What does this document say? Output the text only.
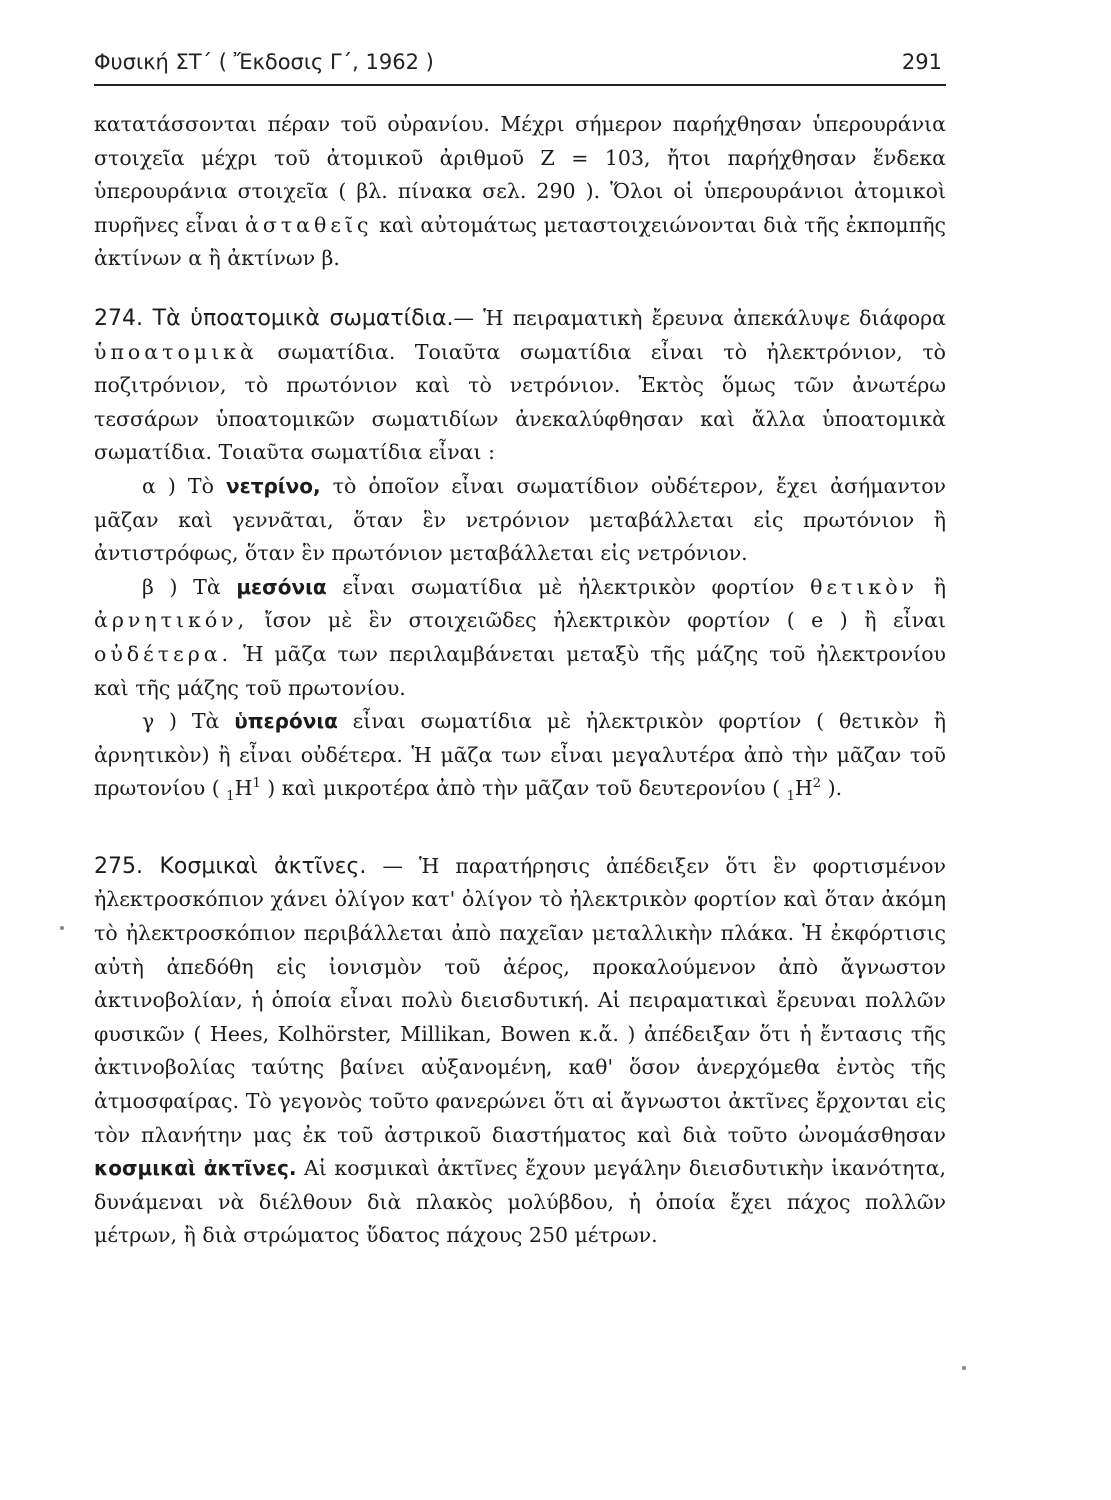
Φυσική ΣΤ΄ ( Ἔκδοσις Γ΄, 1962 )	291

κατατάσσονται πέραν τοῦ οὐρανίου. Μέχρι σήμερον παρήχθησαν ὑπερουράνια στοιχεῖα μέχρι τοῦ ἀτομικοῦ ἀριθμοῦ Ζ = 103, ἤτοι παρήχθησαν ἕνδεκα ὑπερουράνια στοιχεῖα ( βλ. πίνακα σελ. 290 ). Ὅλοι οἱ ὑπερουράνιοι ἀτομικοὶ πυρῆνες εἶναι ἀσταθεῖς καὶ αὐτομάτως μεταστοιχειώνονται διὰ τῆς ἐκπομπῆς ἀκτίνων α ἢ ἀκτίνων β.

274. Τὰ ὑποατομικὰ σωματίδια.— Ἡ πειραματικὴ ἔρευνα ἀπεκάλυψε διάφορα ὑποατομικὰ σωματίδια. Τοιαῦτα σωματίδια εἶναι τὸ ἠλεκτρόνιον, τὸ ποζιτρόνιον, τὸ πρωτόνιον καὶ τὸ νετρόνιον. Ἐκτὸς ὅμως τῶν ἀνωτέρω τεσσάρων ὑποατομικῶν σωματιδίων ἀνεκαλύφθησαν καὶ ἄλλα ὑποατομικὰ σωματίδια. Τοιαῦτα σωματίδια εἶναι :

α ) Τὸ νετρίνο, τὸ ὁποῖον εἶναι σωματίδιον οὐδέτερον, ἔχει ἀσήμαντον μᾶζαν καὶ γεννᾶται, ὅταν ἓν νετρόνιον μεταβάλλεται εἰς πρωτόνιον ἢ ἀντιστρόφως, ὅταν ἓν πρωτόνιον μεταβάλλεται εἰς νετρόνιον.

β ) Τὰ μεσόνια εἶναι σωματίδια μὲ ἠλεκτρικὸν φορτίον θετικὸν ἢ ἀρνητικόν, ἴσον μὲ ἓν στοιχειῶδες ἠλεκτρικὸν φορτίον ( e ) ἢ εἶναι οὐδέτερα. Ἡ μᾶζα των περιλαμβάνεται μεταξὺ τῆς μάζης τοῦ ἠλεκτρονίου καὶ τῆς μάζης τοῦ πρωτονίου.

γ ) Τὰ ὑπερόνια εἶναι σωματίδια μὲ ἠλεκτρικὸν φορτίον ( θετικὸν ἢ ἀρνητικὸν) ἢ εἶναι οὐδέτερα. Ἡ μᾶζα των εἶναι μεγαλυτέρα ἀπὸ τὴν μᾶζαν τοῦ πρωτονίου ( $_1H^1$ ) καὶ μικροτέρα ἀπὸ τὴν μᾶζαν τοῦ δευτερονίου ( $_1H^2$ ).

275. Κοσμικαὶ ἀκτῖνες. — Ἡ παρατήρησις ἀπέδειξεν ὅτι ἓν φορτισμένον ἠλεκτροσκόπιον χάνει ὀλίγον κατ' ὀλίγον τὸ ἠλεκτρικὸν φορτίον καὶ ὅταν ἀκόμη τὸ ἠλεκτροσκόπιον περιβάλλεται ἀπὸ παχεῖαν μεταλλικὴν πλάκα. Ἡ ἐκφόρτισις αὐτὴ ἀπεδόθη εἰς ἰονισμὸν τοῦ ἀέρος, προκαλούμενον ἀπὸ ἄγνωστον ἀκτινοβολίαν, ἡ ὁποία εἶναι πολὺ διεισδυτική. Αἱ πειραματικαὶ ἔρευναι πολλῶν φυσικῶν ( Hees, Kolhörster, Millikan, Bowen κ.ἄ. ) ἀπέδειξαν ὅτι ἡ ἔντασις τῆς ἀκτινοβολίας ταύτης βαίνει αὐξανομένη, καθ' ὅσον ἀνερχόμεθα ἐντὸς τῆς ἀτμοσφαίρας. Τὸ γεγονὸς τοῦτο φανερώνει ὅτι αἱ ἄγνωστοι ἀκτῖνες ἔρχονται εἰς τὸν πλανήτην μας ἐκ τοῦ ἀστρικοῦ διαστήματος καὶ διὰ τοῦτο ὠνομάσθησαν κοσμικαὶ ἀκτῖνες. Αἱ κοσμικαὶ ἀκτῖνες ἔχουν μεγάλην διεισδυτικὴν ἱκανότητα, δυνάμεναι νὰ διέλθουν διὰ πλακὸς μολύβδου, ἡ ὁποία ἔχει πάχος πολλῶν μέτρων, ἢ διὰ στρώματος ὕδατος πάχους 250 μέτρων.
